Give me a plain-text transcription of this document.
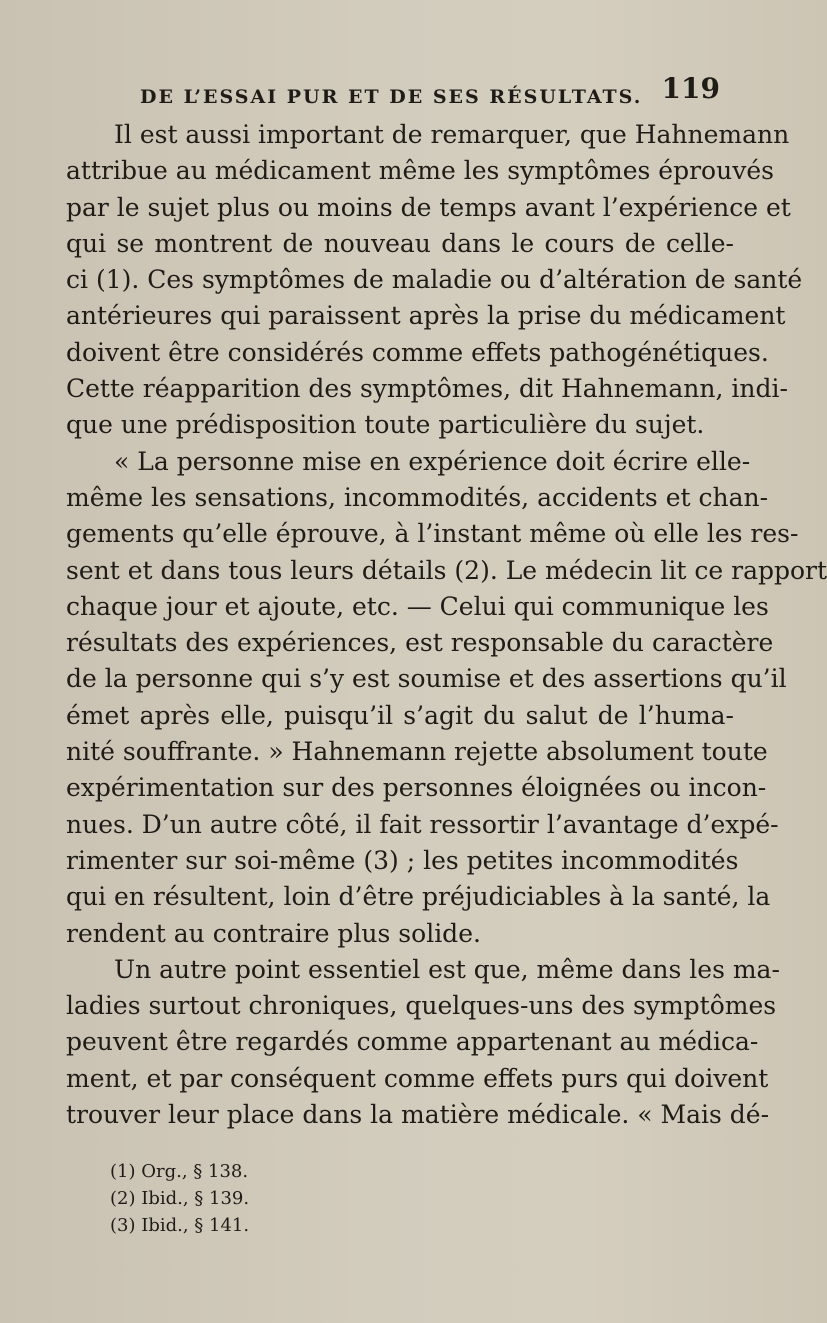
DE L’ESSAI PUR ET DE SES RÉSULTATS. 119
Il est aussi important de remarquer, que Hahnemann
attribue au médicament même les symptômes éprouvés
par le sujet plus ou moins de temps avant l’expérience et
qui se montrent de nouveau dans le cours de celle-
ci (1). Ces symptômes de maladie ou d’altération de santé
antérieures qui paraissent après la prise du médicament
doivent être considérés comme effets pathogénétiques.
Cette réapparition des symptômes, dit Hahnemann, indi-
que une prédisposition toute particulière du sujet.
« La personne mise en expérience doit écrire elle-
même les sensations, incommodités, accidents et chan-
gements qu’elle éprouve, à l’instant même où elle les res-
sent et dans tous leurs détails (2). Le médecin lit ce rapport
chaque jour et ajoute, etc. — Celui qui communique les
résultats des expériences, est responsable du caractère
de la personne qui s’y est soumise et des assertions qu’il
émet après elle, puisqu’il s’agit du salut de l’huma-
nité souffrante. » Hahnemann rejette absolument toute
expérimentation sur des personnes éloignées ou incon-
nues. D’un autre côté, il fait ressortir l’avantage d’expé-
rimenter sur soi-même (3) ; les petites incommodités
qui en résultent, loin d’être préjudiciables à la santé, la
rendent au contraire plus solide.
Un autre point essentiel est que, même dans les ma-
ladies surtout chroniques, quelques-uns des symptômes
peuvent être regardés comme appartenant au médica-
ment, et par conséquent comme effets purs qui doivent
trouver leur place dans la matière médicale. « Mais dé-
(1) Org., § 138.
(2) Ibid., § 139.
(3) Ibid., § 141.
